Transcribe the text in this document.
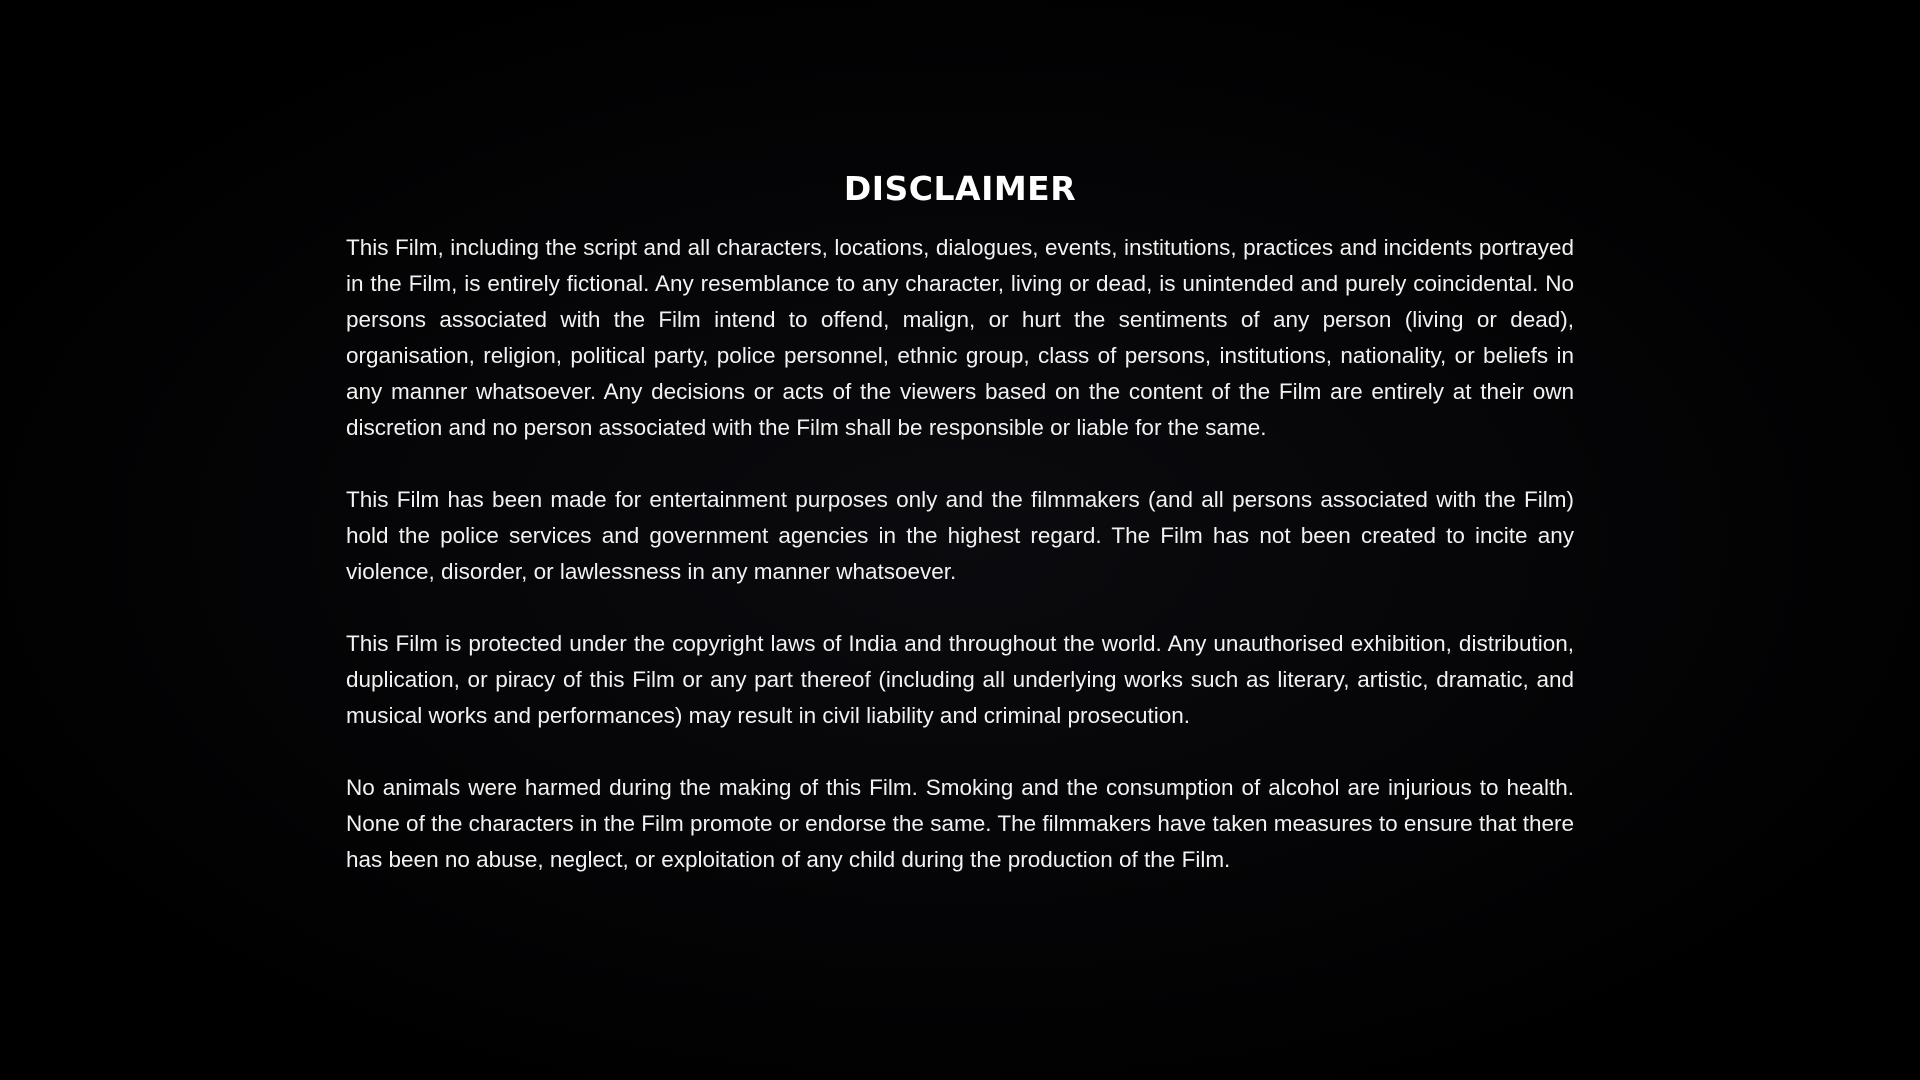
DISCLAIMER

This Film, including the script and all characters, locations, dialogues, events, institutions, practices and incidents portrayed in the Film, is entirely fictional. Any resemblance to any character, living or dead, is unintended and purely coincidental. No persons associated with the Film intend to offend, malign, or hurt the sentiments of any person (living or dead), organisation, religion, political party, police personnel, ethnic group, class of persons, institutions, nationality, or beliefs in any manner whatsoever. Any decisions or acts of the viewers based on the content of the Film are entirely at their own discretion and no person associated with the Film shall be responsible or liable for the same.

This Film has been made for entertainment purposes only and the filmmakers (and all persons associated with the Film) hold the police services and government agencies in the highest regard. The Film has not been created to incite any violence, disorder, or lawlessness in any manner whatsoever.

This Film is protected under the copyright laws of India and throughout the world. Any unauthorised exhibition, distribution, duplication, or piracy of this Film or any part thereof (including all underlying works such as literary, artistic, dramatic, and musical works and performances) may result in civil liability and criminal prosecution.

No animals were harmed during the making of this Film. Smoking and the consumption of alcohol are injurious to health. None of the characters in the Film promote or endorse the same. The filmmakers have taken measures to ensure that there has been no abuse, neglect, or exploitation of any child during the production of the Film.
